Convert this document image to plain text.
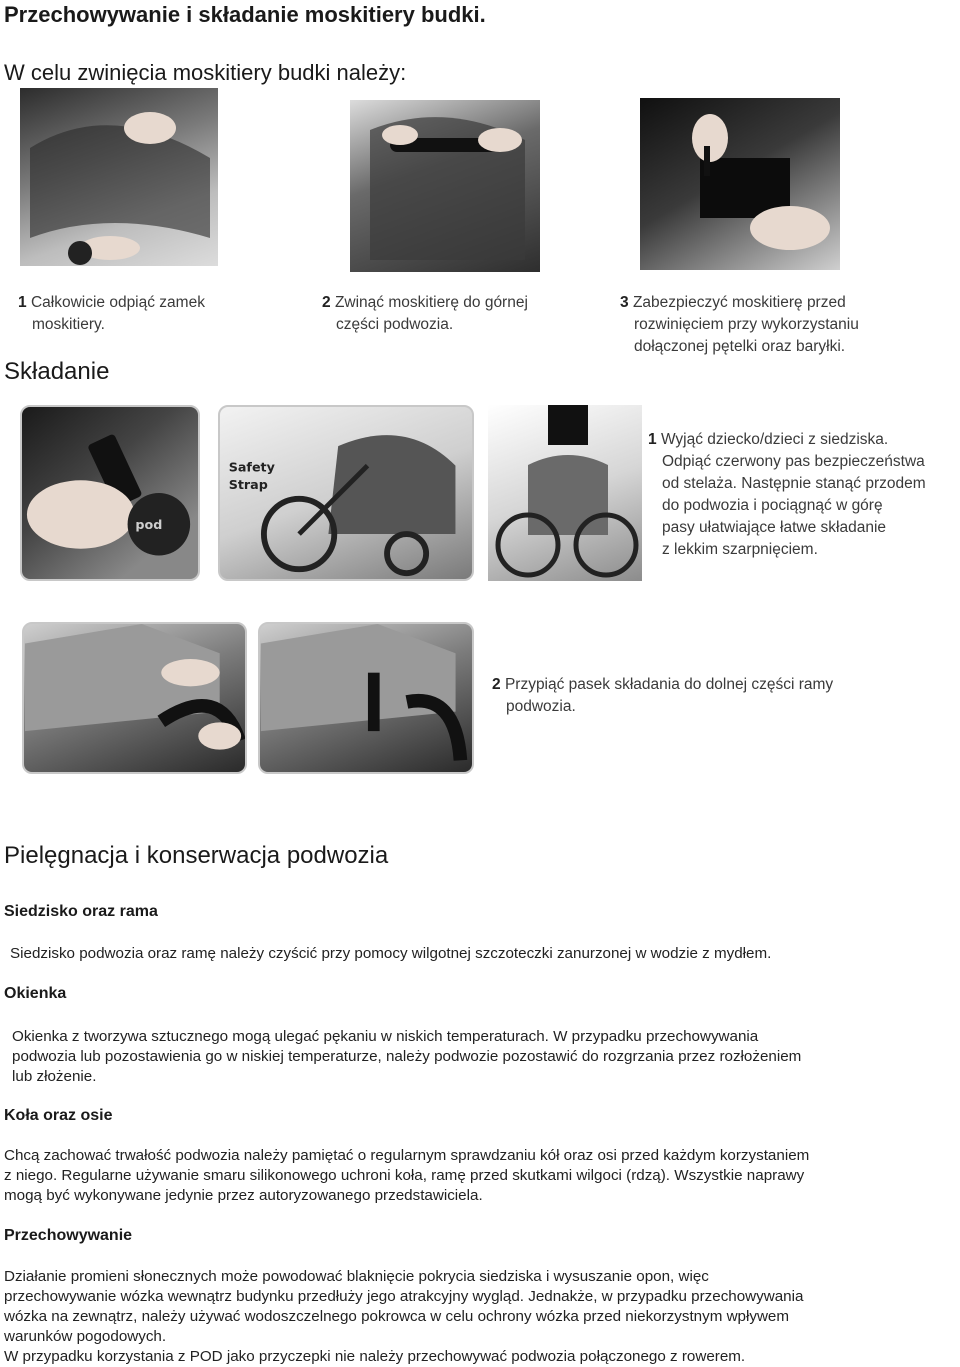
Przechowywanie i składanie moskitiery budki.
W celu zwinięcia moskitiery budki należy:
1 Całkowicie odpiąć zamek
moskitiery.
2 Zwinąć moskitierę do górnej
części podwozia.
3 Zabezpieczyć moskitierę przed
rozwinięciem przy wykorzystaniu
dołączonej pętelki oraz baryłki.
Składanie
pod
Safety
Strap
1 Wyjąć dziecko/dzieci z siedziska.
Odpiąć czerwony pas bezpieczeństwa
od stelaża. Następnie stanąć przodem
do podwozia i pociągnąć w górę
pasy ułatwiające łatwe składanie
z lekkim szarpnięciem.
2 Przypiąć pasek składania do dolnej części ramy
podwozia.
Pielęgnacja i konserwacja podwozia
Siedzisko oraz rama
Siedzisko podwozia oraz ramę należy czyścić przy pomocy wilgotnej szczoteczki zanurzonej w wodzie z mydłem.
Okienka
Okienka z tworzywa sztucznego mogą ulegać pękaniu w niskich temperaturach. W przypadku przechowywania
podwozia lub pozostawienia go w niskiej temperaturze, należy podwozie pozostawić do rozgrzania przez rozłożeniem
lub złożenie.
Koła oraz osie
Chcą zachować trwałość podwozia należy pamiętać o regularnym sprawdzaniu kół oraz osi przed każdym korzystaniem
z niego. Regularne używanie smaru silikonowego uchroni koła, ramę przed skutkami wilgoci (rdzą). Wszystkie naprawy
mogą być wykonywane jedynie przez autoryzowanego przedstawiciela.
Przechowywanie
Działanie promieni słonecznych może powodować blaknięcie pokrycia siedziska i wysuszanie opon, więc
przechowywanie wózka wewnątrz budynku przedłuży jego atrakcyjny wygląd. Jednakże, w przypadku przechowywania
wózka na zewnątrz, należy używać wodoszczelnego pokrowca w celu ochrony wózka przed niekorzystnym wpływem
warunków pogodowych.
W przypadku korzystania z POD jako przyczepki nie należy przechowywać podwozia połączonego z rowerem.
